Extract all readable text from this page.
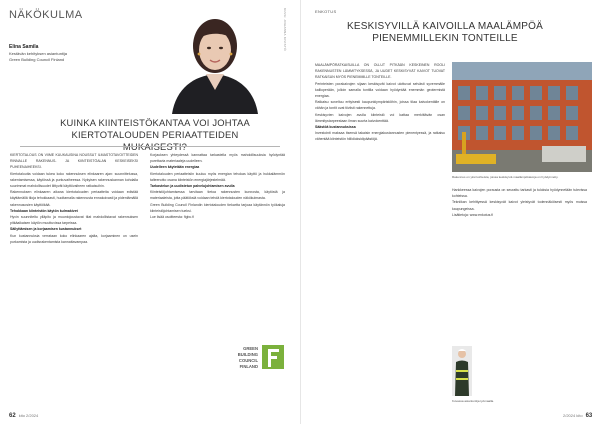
NÄKÖKULMA
Elina Samila
Kestävän kehityksen asiantuntija
Green Building Council Finland
KUVA: JOHANNA KIVISTÖ
KUINKA KIINTEISTÖKANTAA VOI JOHTAA KIERTOTALOUDEN PERIAATTEIDEN

KIERTOTALOUS ON VIIME KUUKAUSINA NOUSSUT ILMASTOTAVOITTEIDEN RINNALLE RAKENNUS- JA KIINTEISTÖALAN KESKEISEKSI PUHEENAIHEEKSI.

Kiertotaloutta voidaan tukea koko rakennuksen elinkaaren ajan: suunnittelussa, rakentamisessa, käytössä ja purkuvaiheessa. Nykyisen rakennuskannan kohdalla suurimmat mahdollisuudet liittyvät käyttövaiheen ratkaisuihin.

Rakennuksen elinkaaren aikana kiertotalouden periaatteita voidaan edistää käyttämällä tiloja tehokkaasti, huoltamalla rakennusta ennakoivasti ja pidentämällä rakennusosien käyttöikää.

Tehokkaan kiinteistön käytön kulmakivet

Hyvin suunniteltu ylläpito ja muuntojoustavat tilat mahdollistavat rakennuksen pitkäaikaisen käytön muuttuvissa tarpeissa.

Säilyttämisen ja korjaamisen kustannukset

Kun kustannuksia verrataan koko elinkaaren ajalta, korjaaminen on usein purkamista ja uudisrakentamista kannattavampaa.

Korjauksen yhteydessä kannattaa tarkastella myös mahdollisuuksia hyödyntää purettavia materiaaleja uudelleen.

Uudelleen käytetään energiaa

Kiertotalouden periaatteisiin kuuluu myös energian tehokas käyttö ja hukkalämmön talteenotto osana kiinteistön energiajärjestelmää.

Tarkastelun ja uudistetun palvelujohtamisen avulla

Kiinteistöjohtamisessa tarvitaan tietoa rakennusten kunnosta, käytöstä ja materiaaleista, jotta päätöksiä voidaan tehdä kiertotalouden näkökulmasta.

Green Building Council Finlandin kiertotalouden tiekartta tarjoaa käytännön työkaluja kiinteistöjohtamisen tueksi.

Lue lisää osoitteesta: figbc.fi

GREEN
BUILDING
COUNCIL
FINLAND
62 kito 2/2024
ENKOTUS
KESKISYVILLÄ KAIVOILLA MAALÄMPÖÄ PIENEMMILLEKIN TONTEILLE

MAALÄMPÖRATKAISUILLA ON OLLUT PITKÄÄN KESKEINEN ROOLI RAKENNUSTEN LÄMMITYKSESSÄ, JA UUDET KESKISYVÄT KAIVOT TUOVAT RATKAISUN MYÖS PIENEMMILLE TONTEILLE.

Perinteisten porakaivojen sijaan keskisyvät kaivot ulottuvat selvästi syvemmälle kallioperään, jolloin samalla tontilla voidaan hyödyntää enemmän geotermistä energiaa.

Ratkaisu soveltuu erityisesti kaupunkiympäristöihin, joissa tilaa kaivokentälle on vähän ja tontit ovat tiiviisti rakennettuja.

Keskisyvien kaivojen avulla kiinteistö voi kattaa merkittävän osan lämmitystarpeestaan ilman suurta kaivokenttää.

Säästöä kustannuksissa

Investointi maksaa itsensä takaisin energiakustannusten pienentyessä, ja ratkaisu vähentää kiinteistön hiilidioksidipäästöjä.

Rakennus on yksi kohteista, joissa keskisyviä maalämpökaivoja on hyödynnetty.

Hankkeessa kaivojen porausta on seurattu tarkasti ja tuloksia hyödynnetään tulevissa kohteissa.

Tekniikan kehittyessä keskisyvät kaivot yleistyvät todennäköisesti myös muissa kaupungeissa.

Lisätietoja: www.enkotus.fi

Kuvassa asiantuntija työmaalla.
2/2024 kito 63
